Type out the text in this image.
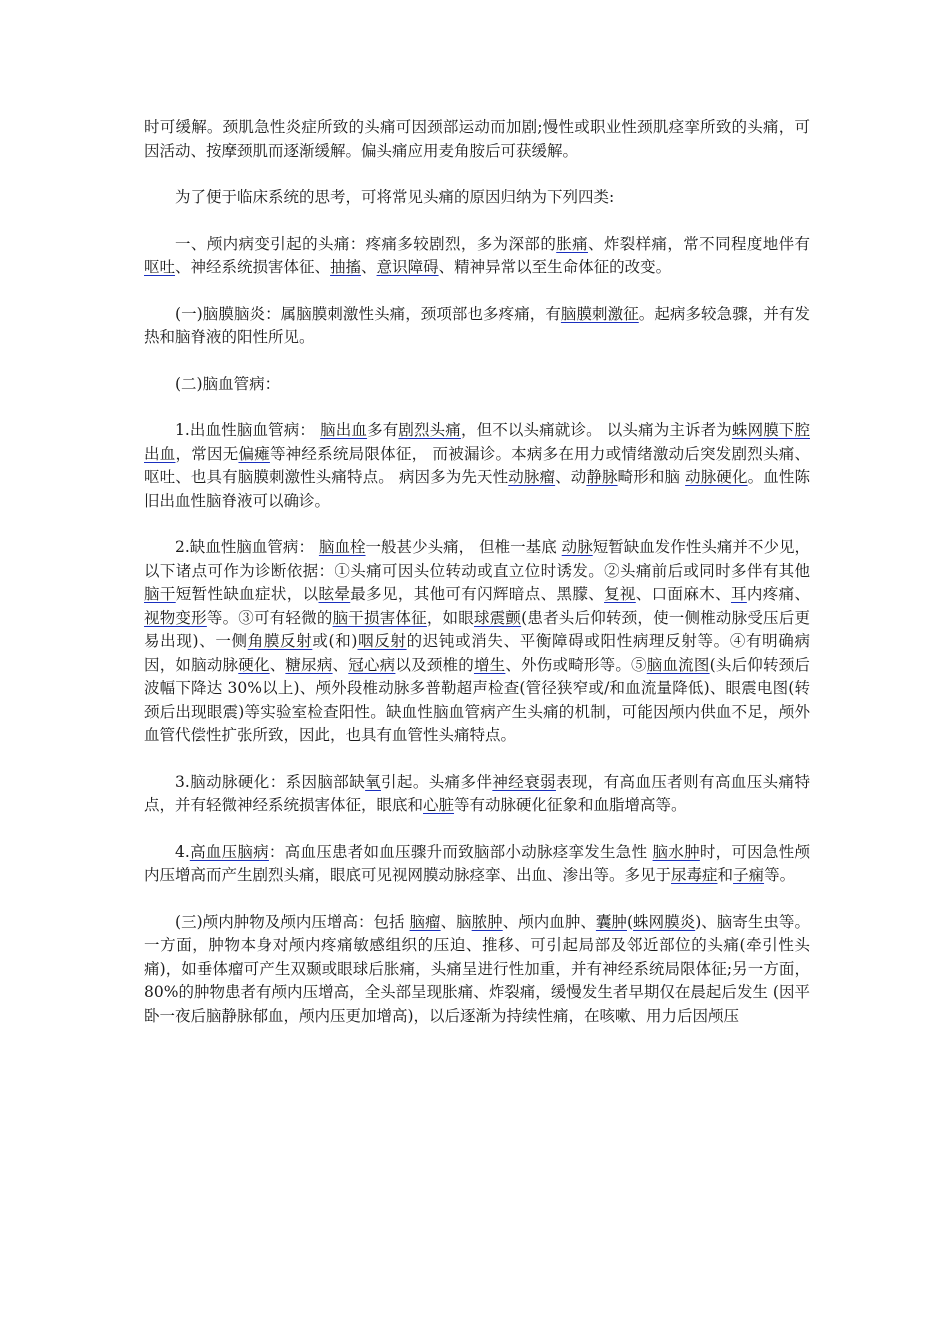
时可缓解。颈肌急性炎症所致的头痛可因颈部运动而加剧;慢性或职业性颈肌痉挛所致的头痛，可因活动、按摩颈肌而逐渐缓解。偏头痛应用麦角胺后可获缓解。

为了便于临床系统的思考，可将常见头痛的原因归纳为下列四类:

一、颅内病变引起的头痛：疼痛多较剧烈，多为深部的胀痛、炸裂样痛，常不同程度地伴有 呕吐、神经系统损害体征、抽搐、意识障碍、精神异常以至生命体征的改变。

(一)脑膜脑炎：属脑膜刺激性头痛，颈项部也多疼痛，有脑膜刺激征。起病多较急骤，并有发热和脑脊液的阳性所见。

(二)脑血管病：

1.出血性脑血管病： 脑出血多有剧烈头痛，但不以头痛就诊。 以头痛为主诉者为蛛网膜下腔出血，常因无偏瘫等神经系统局限体征， 而被漏诊。本病多在用力或情绪激动后突发剧烈头痛、 呕吐、也具有脑膜刺激性头痛特点。 病因多为先天性动脉瘤、动静脉畸形和脑 动脉硬化。血性陈旧出血性脑脊液可以确诊。

2.缺血性脑血管病： 脑血栓一般甚少头痛， 但椎一基底 动脉短暂缺血发作性头痛并不少见，以下诸点可作为诊断依据：①头痛可因头位转动或直立位时诱发。②头痛前后或同时多伴有其他 脑干短暂性缺血症状，以眩晕最多见，其他可有闪辉暗点、黑朦、复视、口面麻木、耳内疼痛、视物变形等。③可有轻微的脑干损害体征，如眼球震颤(患者头后仰转颈，使一侧椎动脉受压后更易出现)、一侧角膜反射或(和)咽反射的迟钝或消失、平衡障碍或阳性病理反射等。④有明确病因，如脑动脉硬化、糖尿病、冠心病以及颈椎的增生、外伤或畸形等。⑤脑血流图(头后仰转颈后波幅下降达 30%以上)、颅外段椎动脉多普勒超声检查(管径狭窄或/和血流量降低)、眼震电图(转颈后出现眼震)等实验室检查阳性。缺血性脑血管病产生头痛的机制，可能因颅内供血不足，颅外血管代偿性扩张所致，因此，也具有血管性头痛特点。

3.脑动脉硬化：系因脑部缺氧引起。头痛多伴神经衰弱表现，有高血压者则有高血压头痛特点，并有轻微神经系统损害体征，眼底和心脏等有动脉硬化征象和血脂增高等。

4.高血压脑病：高血压患者如血压骤升而致脑部小动脉痉挛发生急性 脑水肿时，可因急性颅内压增高而产生剧烈头痛，眼底可见视网膜动脉痉挛、出血、渗出等。多见于尿毒症和子痫等。

(三)颅内肿物及颅内压增高：包括 脑瘤、脑脓肿、颅内血肿、囊肿(蛛网膜炎)、脑寄生虫等。一方面，肿物本身对颅内疼痛敏感组织的压迫、推移、可引起局部及邻近部位的头痛(牵引性头痛)，如垂体瘤可产生双颞或眼球后胀痛，头痛呈进行性加重，并有神经系统局限体征;另一方面，80%的肿物患者有颅内压增高，全头部呈现胀痛、炸裂痛，缓慢发生者早期仅在晨起后发生 (因平卧一夜后脑静脉郁血，颅内压更加增高)，以后逐渐为持续性痛，在咳嗽、用力后因颅压
